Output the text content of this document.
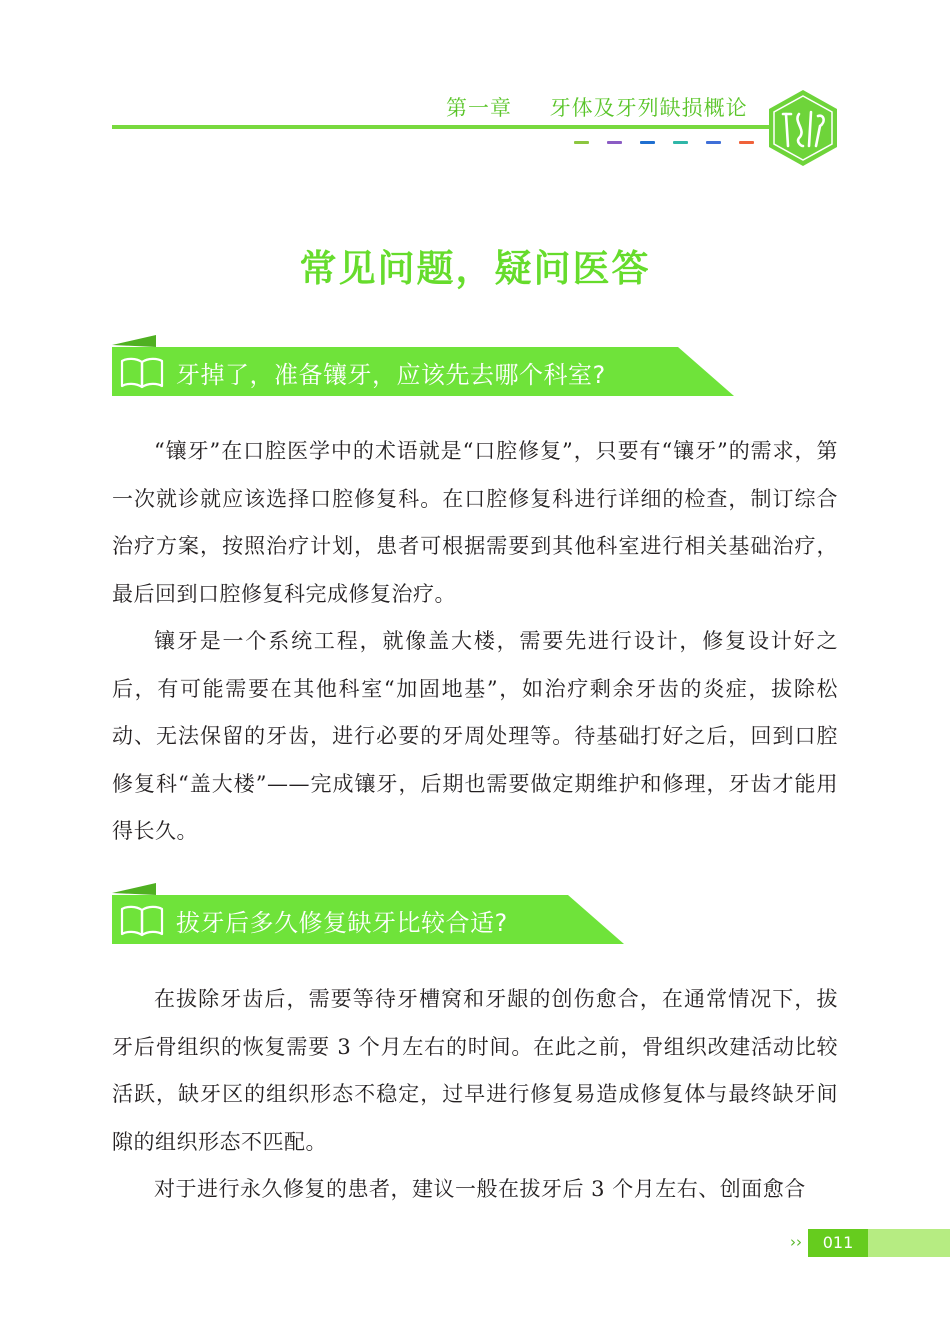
第一章 牙体及牙列缺损概论
常见问题，疑问医答
牙掉了，准备镶牙，应该先去哪个科室?

“镶牙”在口腔医学中的术语就是“口腔修复”，只要有“镶牙”的需求，第一次就诊就应该选择口腔修复科。在口腔修复科进行详细的检查，制订综合治疗方案，按照治疗计划，患者可根据需要到其他科室进行相关基础治疗，最后回到口腔修复科完成修复治疗。

镶牙是一个系统工程，就像盖大楼，需要先进行设计，修复设计好之后，有可能需要在其他科室“加固地基”，如治疗剩余牙齿的炎症，拔除松动、无法保留的牙齿，进行必要的牙周处理等。待基础打好之后，回到口腔修复科“盖大楼”——完成镶牙，后期也需要做定期维护和修理，牙齿才能用得长久。

拔牙后多久修复缺牙比较合适?

在拔除牙齿后，需要等待牙槽窝和牙龈的创伤愈合，在通常情况下，拔牙后骨组织的恢复需要 3 个月左右的时间。在此之前，骨组织改建活动比较活跃，缺牙区的组织形态不稳定，过早进行修复易造成修复体与最终缺牙间隙的组织形态不匹配。

对于进行永久修复的患者，建议一般在拔牙后 3 个月左右、创面愈合

››	011
